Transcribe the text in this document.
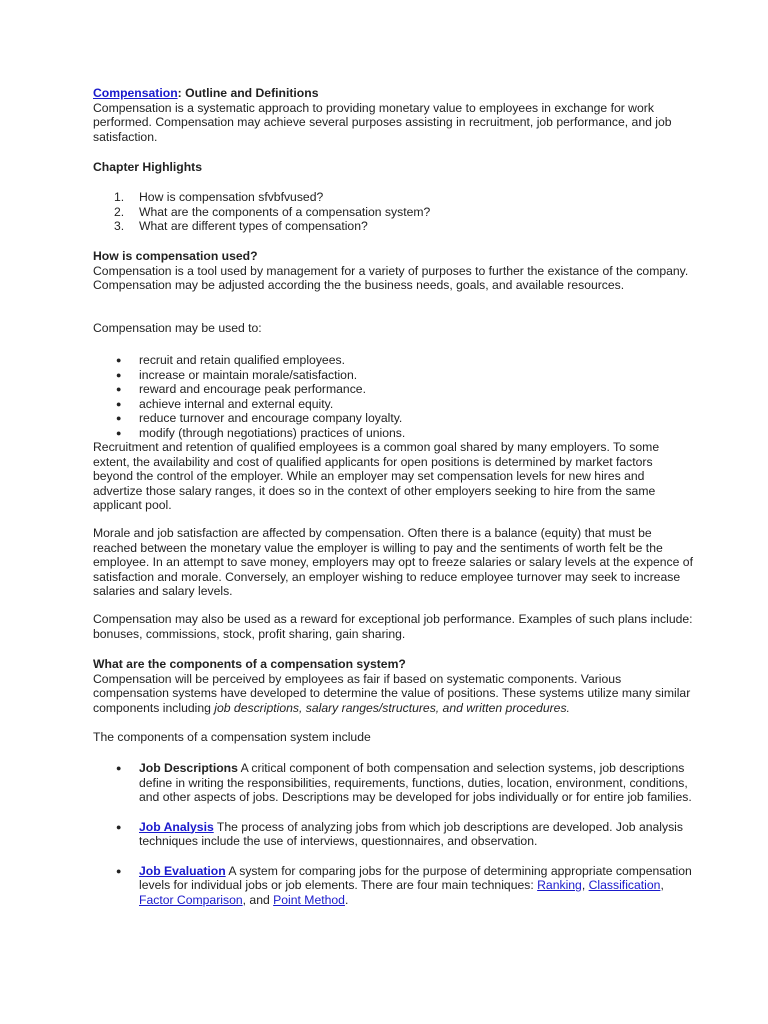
Compensation: Outline and Definitions

Compensation is a systematic approach to providing monetary value to employees in exchange for work performed. Compensation may achieve several purposes assisting in recruitment, job performance, and job satisfaction.

Chapter Highlights

1. How is compensation sfvbfvused?
2. What are the components of a compensation system?
3. What are different types of compensation?

How is compensation used?

Compensation is a tool used by management for a variety of purposes to further the existance of the company. Compensation may be adjusted according the the business needs, goals, and available resources.

Compensation may be used to:

● recruit and retain qualified employees.
● increase or maintain morale/satisfaction.
● reward and encourage peak performance.
● achieve internal and external equity.
● reduce turnover and encourage company loyalty.
● modify (through negotiations) practices of unions.

Recruitment and retention of qualified employees is a common goal shared by many employers. To some extent, the availability and cost of qualified applicants for open positions is determined by market factors beyond the control of the employer. While an employer may set compensation levels for new hires and advertize those salary ranges, it does so in the context of other employers seeking to hire from the same applicant pool.

Morale and job satisfaction are affected by compensation. Often there is a balance (equity) that must be reached between the monetary value the employer is willing to pay and the sentiments of worth felt be the employee. In an attempt to save money, employers may opt to freeze salaries or salary levels at the expence of satisfaction and morale. Conversely, an employer wishing to reduce employee turnover may seek to increase salaries and salary levels.

Compensation may also be used as a reward for exceptional job performance. Examples of such plans include: bonuses, commissions, stock, profit sharing, gain sharing.

What are the components of a compensation system?

Compensation will be perceived by employees as fair if based on systematic components. Various compensation systems have developed to determine the value of positions. These systems utilize many similar components including job descriptions, salary ranges/structures, and written procedures.

The components of a compensation system include

● Job Descriptions A critical component of both compensation and selection systems, job descriptions define in writing the responsibilities, requirements, functions, duties, location, environment, conditions, and other aspects of jobs. Descriptions may be developed for jobs individually or for entire job families.
● Job Analysis The process of analyzing jobs from which job descriptions are developed. Job analysis techniques include the use of interviews, questionnaires, and observation.
● Job Evaluation A system for comparing jobs for the purpose of determining appropriate compensation levels for individual jobs or job elements. There are four main techniques: Ranking, Classification, Factor Comparison, and Point Method.
